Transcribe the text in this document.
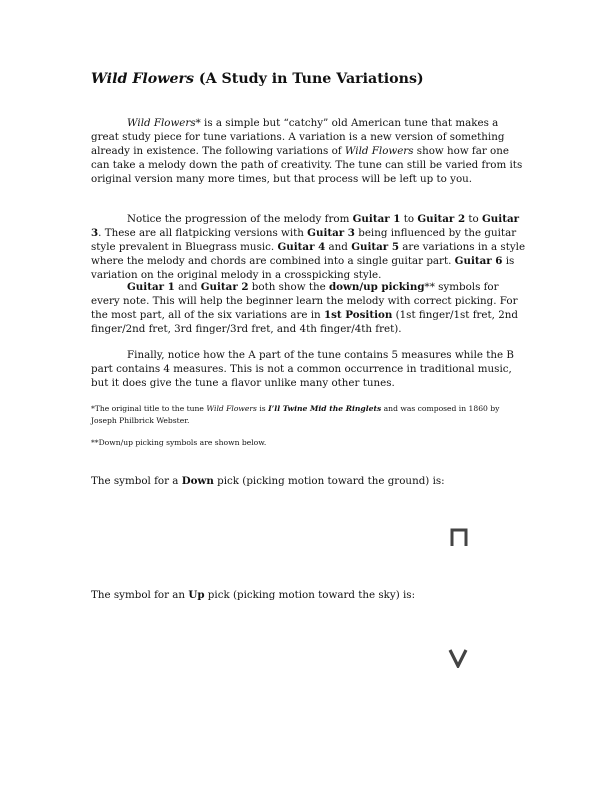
Wild Flowers (A Study in Tune Variations)

Wild Flowers* is a simple but “catchy” old American tune that makes a great study piece for tune variations. A variation is a new version of something already in existence. The following variations of Wild Flowers show how far one can take a melody down the path of creativity. The tune can still be varied from its original version many more times, but that process will be left up to you.

Notice the progression of the melody from Guitar 1 to Guitar 2 to Guitar 3. These are all flatpicking versions with Guitar 3 being influenced by the guitar style prevalent in Bluegrass music. Guitar 4 and Guitar 5 are variations in a style where the melody and chords are combined into a single guitar part. Guitar 6 is variation on the original melody in a crosspicking style.

Guitar 1 and Guitar 2 both show the down/up picking** symbols for every note. This will help the beginner learn the melody with correct picking. For the most part, all of the six variations are in 1st Position (1st finger/1st fret, 2nd finger/2nd fret, 3rd finger/3rd fret, and 4th finger/4th fret).

Finally, notice how the A part of the tune contains 5 measures while the B part contains 4 measures. This is not a common occurrence in traditional music, but it does give the tune a flavor unlike many other tunes.

*The original title to the tune Wild Flowers is I’ll Twine Mid the Ringlets and was composed in 1860 by Joseph Philbrick Webster.

**Down/up picking symbols are shown below.

The symbol for a Down pick (picking motion toward the ground) is:

The symbol for an Up pick (picking motion toward the sky) is:
